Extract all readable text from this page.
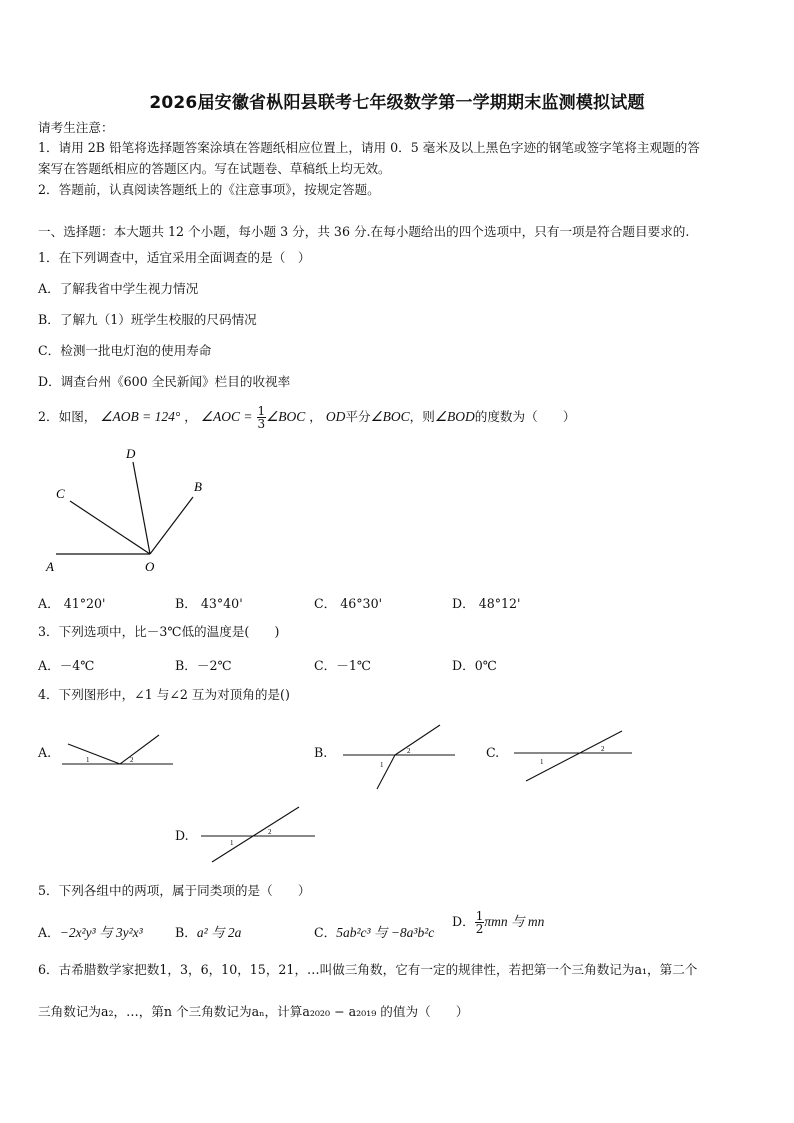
2026届安徽省枞阳县联考七年级数学第一学期期末监测模拟试题
请考生注意：
1．请用 2B 铅笔将选择题答案涂填在答题纸相应位置上，请用 0．5 毫米及以上黑色字迹的钢笔或签字笔将主观题的答
案写在答题纸相应的答题区内。写在试题卷、草稿纸上均无效。
2．答题前，认真阅读答题纸上的《注意事项》，按规定答题。
一、选择题：本大题共 12 个小题，每小题 3 分，共 36 分.在每小题给出的四个选项中，只有一项是符合题目要求的.
1．在下列调查中，适宜采用全面调查的是（　）
A．了解我省中学生视力情况
B．了解九（1）班学生校服的尺码情况
C．检测一批电灯泡的使用寿命
D．调查台州《600 全民新闻》栏目的收视率
2．如图， ∠AOB = 124° ， ∠AOC = $\frac{1}{3}$ ∠BOC ， OD平分∠BOC，则∠BOD的度数为（　　）
A	O
B
C
D
A． 41°20'	B． 43°40'	C． 46°30'	D． 48°12'
3．下列选项中，比－3℃低的温度是(　　)
A．－4℃	B．－2℃	C．－1℃	D．0℃
4．下列图形中，∠1 与∠2 互为对顶角的是()
A.	1	2	B.
1
2	C.
1
2
D.	1
2
5．下列各组中的两项，属于同类项的是（　　）
A．−2x²y³ 与 3y²x³	B．a² 与 2a	C．5ab²c³ 与 −8a³b²c
D． $\frac{1}{2}$ πmn 与 mn
6．古希腊数学家把数1，3，6，10，15，21，…叫做三角数，它有一定的规律性，若把第一个三角数记为a₁，第二个
三角数记为a₂，…，第n 个三角数记为aₙ，计算a₂₀₂₀ − a₂₀₁₉ 的值为（　　）
